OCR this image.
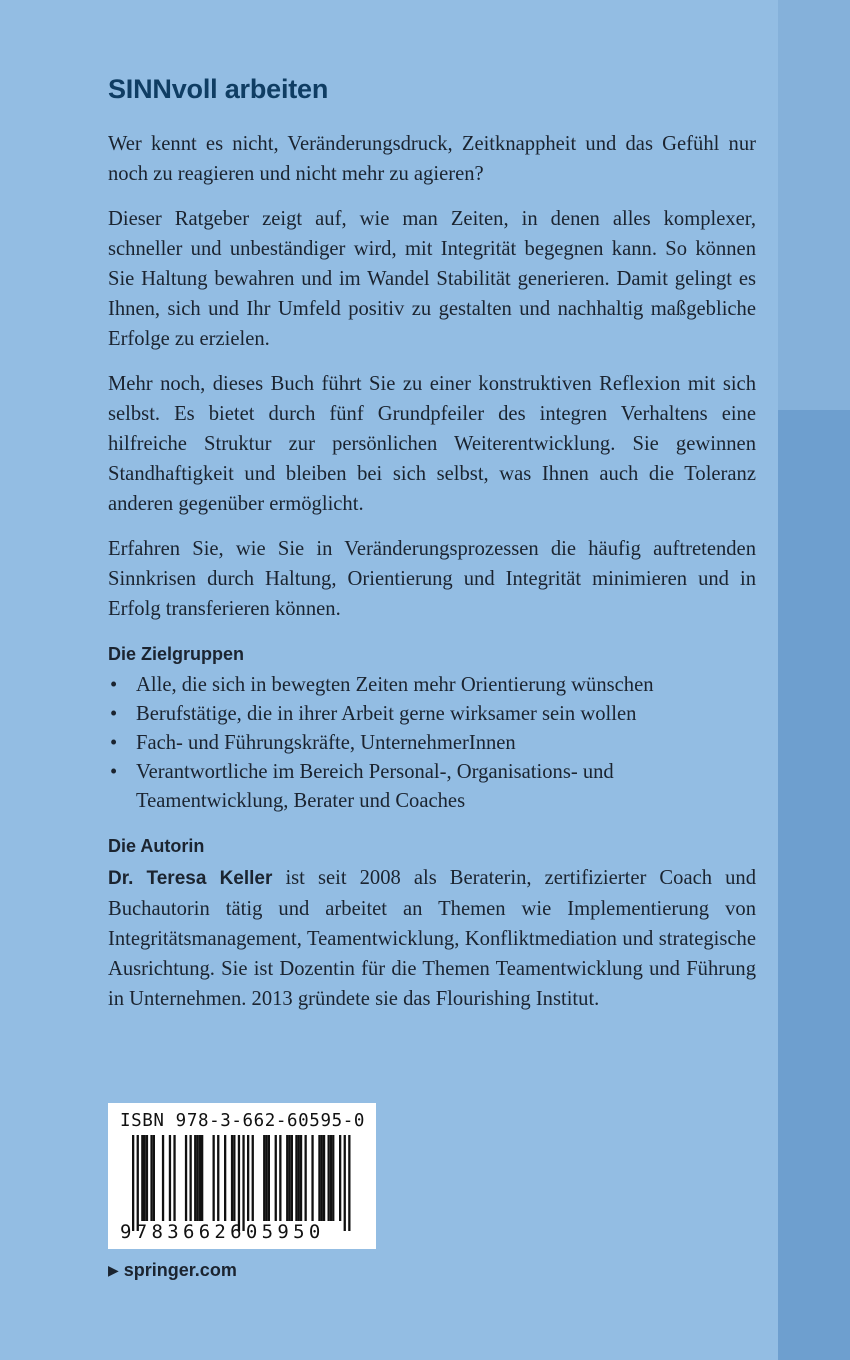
SINNvoll arbeiten

Wer kennt es nicht, Veränderungsdruck, Zeitknappheit und das Gefühl nur noch zu reagieren und nicht mehr zu agieren?

Dieser Ratgeber zeigt auf, wie man Zeiten, in denen alles komplexer, schneller und unbeständiger wird, mit Integrität begegnen kann. So können Sie Haltung bewahren und im Wandel Stabilität generieren. Damit gelingt es Ihnen, sich und Ihr Umfeld positiv zu gestalten und nachhaltig maßgebliche Erfolge zu erzielen.

Mehr noch, dieses Buch führt Sie zu einer konstruktiven Reflexion mit sich selbst. Es bietet durch fünf Grundpfeiler des integren Verhaltens eine hilfreiche Struktur zur persönlichen Weiterentwicklung. Sie gewinnen Standhaftigkeit und bleiben bei sich selbst, was Ihnen auch die Toleranz anderen gegenüber ermöglicht.

Erfahren Sie, wie Sie in Veränderungsprozessen die häufig auftretenden Sinnkrisen durch Haltung, Orientierung und Integrität minimieren und in Erfolg transferieren können.

Die Zielgruppen
• Alle, die sich in bewegten Zeiten mehr Orientierung wünschen
• Berufstätige, die in ihrer Arbeit gerne wirksamer sein wollen
• Fach- und Führungskräfte, UnternehmerInnen
• Verantwortliche im Bereich Personal-, Organisations- und Teamentwicklung, Berater und Coaches
Die Autorin

Dr. Teresa Keller ist seit 2008 als Beraterin, zertifizierter Coach und Buchautorin tätig und arbeitet an Themen wie Implementierung von Integritätsmanagement, Teamentwicklung, Konfliktmediation und strategische Ausrichtung. Sie ist Dozentin für die Themen Teamentwicklung und Führung in Unternehmen. 2013 gründete sie das Flourishing Institut.

ISBN 978-3-662-60595-0
9783662605950
▶ springer.com
